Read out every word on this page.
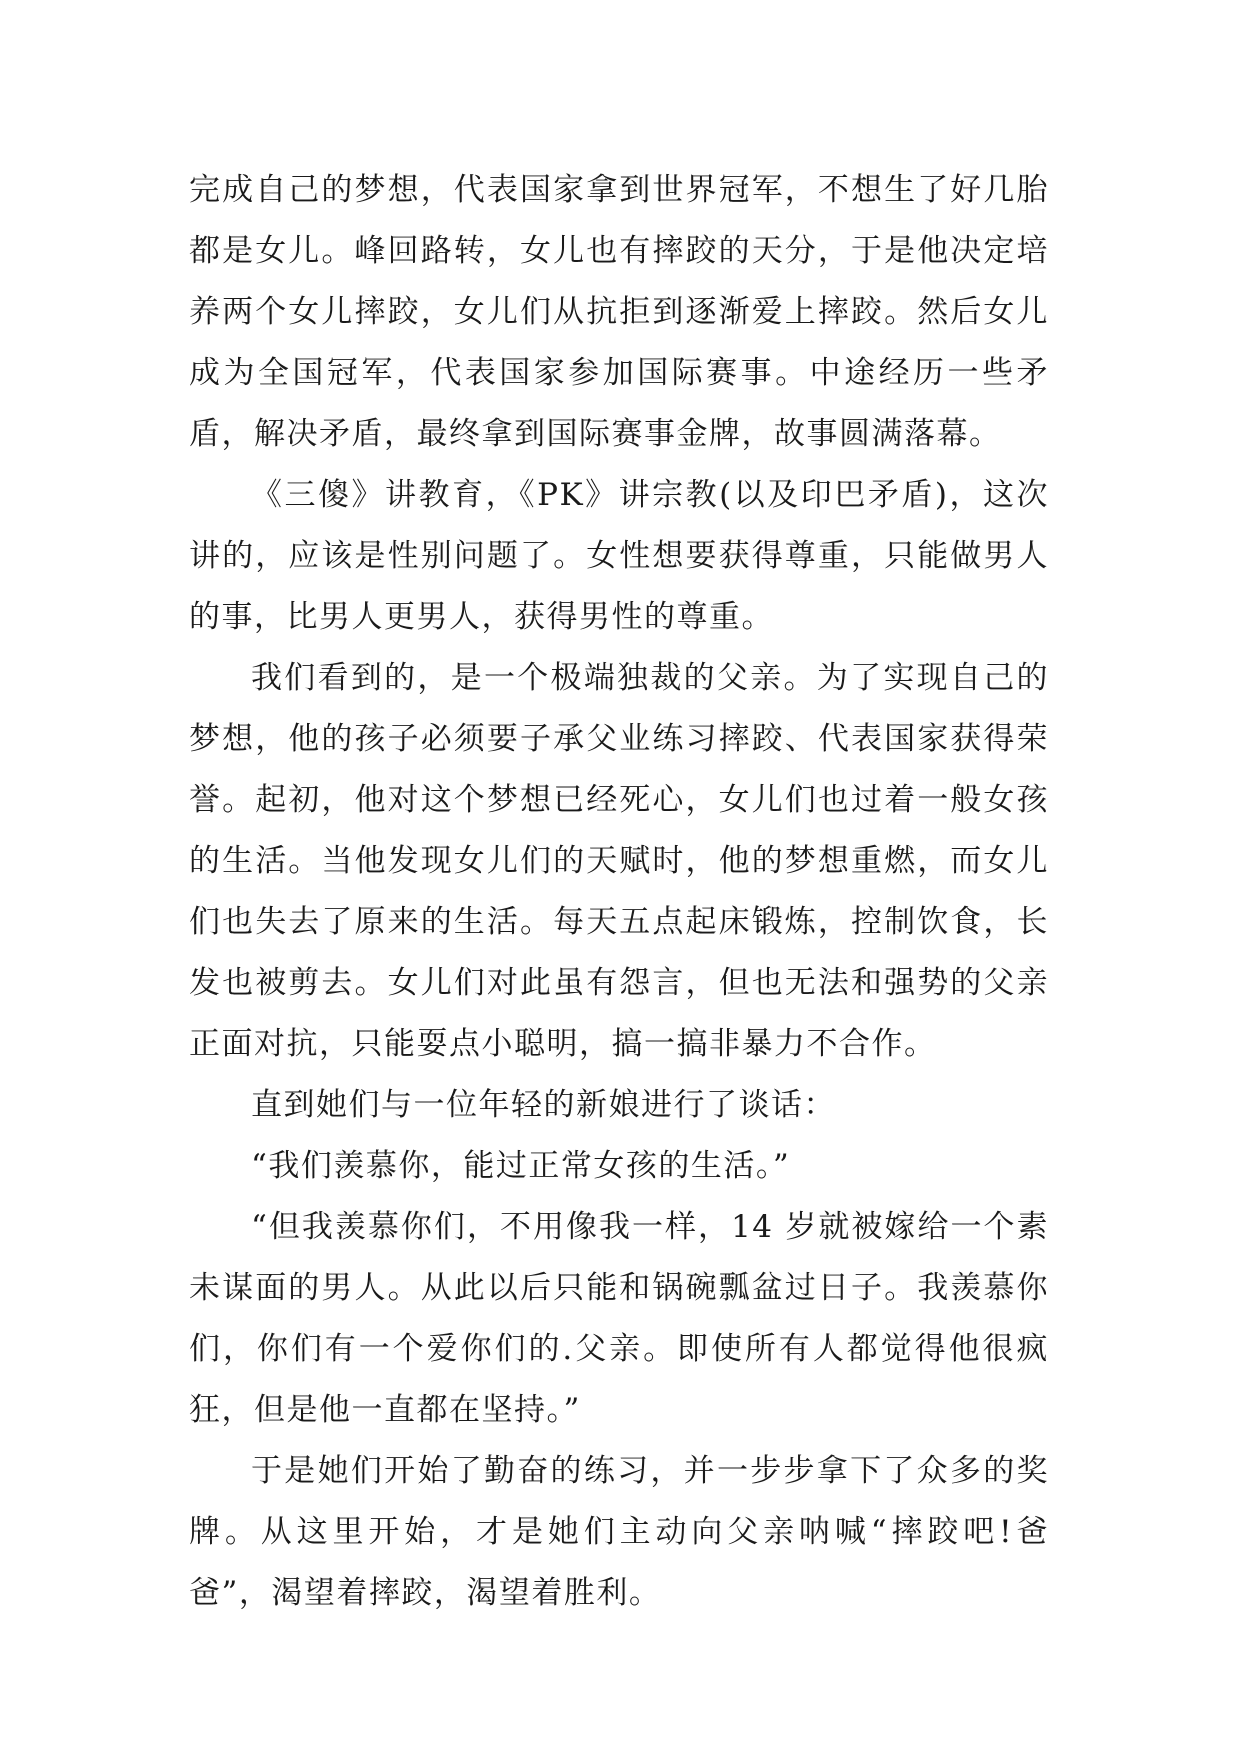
完成自己的梦想，代表国家拿到世界冠军，不想生了好几胎都是女儿。峰回路转，女儿也有摔跤的天分，于是他决定培养两个女儿摔跤，女儿们从抗拒到逐渐爱上摔跤。然后女儿成为全国冠军，代表国家参加国际赛事。中途经历一些矛盾，解决矛盾，最终拿到国际赛事金牌，故事圆满落幕。

《三傻》讲教育，《PK》讲宗教(以及印巴矛盾)，这次讲的，应该是性别问题了。女性想要获得尊重，只能做男人的事，比男人更男人，获得男性的尊重。

我们看到的，是一个极端独裁的父亲。为了实现自己的梦想，他的孩子必须要子承父业练习摔跤、代表国家获得荣誉。起初，他对这个梦想已经死心，女儿们也过着一般女孩的生活。当他发现女儿们的天赋时，他的梦想重燃，而女儿们也失去了原来的生活。每天五点起床锻炼，控制饮食，长发也被剪去。女儿们对此虽有怨言，但也无法和强势的父亲正面对抗，只能耍点小聪明，搞一搞非暴力不合作。

直到她们与一位年轻的新娘进行了谈话：

“我们羡慕你，能过正常女孩的生活。”

“但我羡慕你们，不用像我一样，14 岁就被嫁给一个素未谋面的男人。从此以后只能和锅碗瓢盆过日子。我羡慕你们，你们有一个爱你们的.父亲。即使所有人都觉得他很疯狂，但是他一直都在坚持。”

于是她们开始了勤奋的练习，并一步步拿下了众多的奖牌。从这里开始，才是她们主动向父亲呐喊“摔跤吧!爸爸”，渴望着摔跤，渴望着胜利。
